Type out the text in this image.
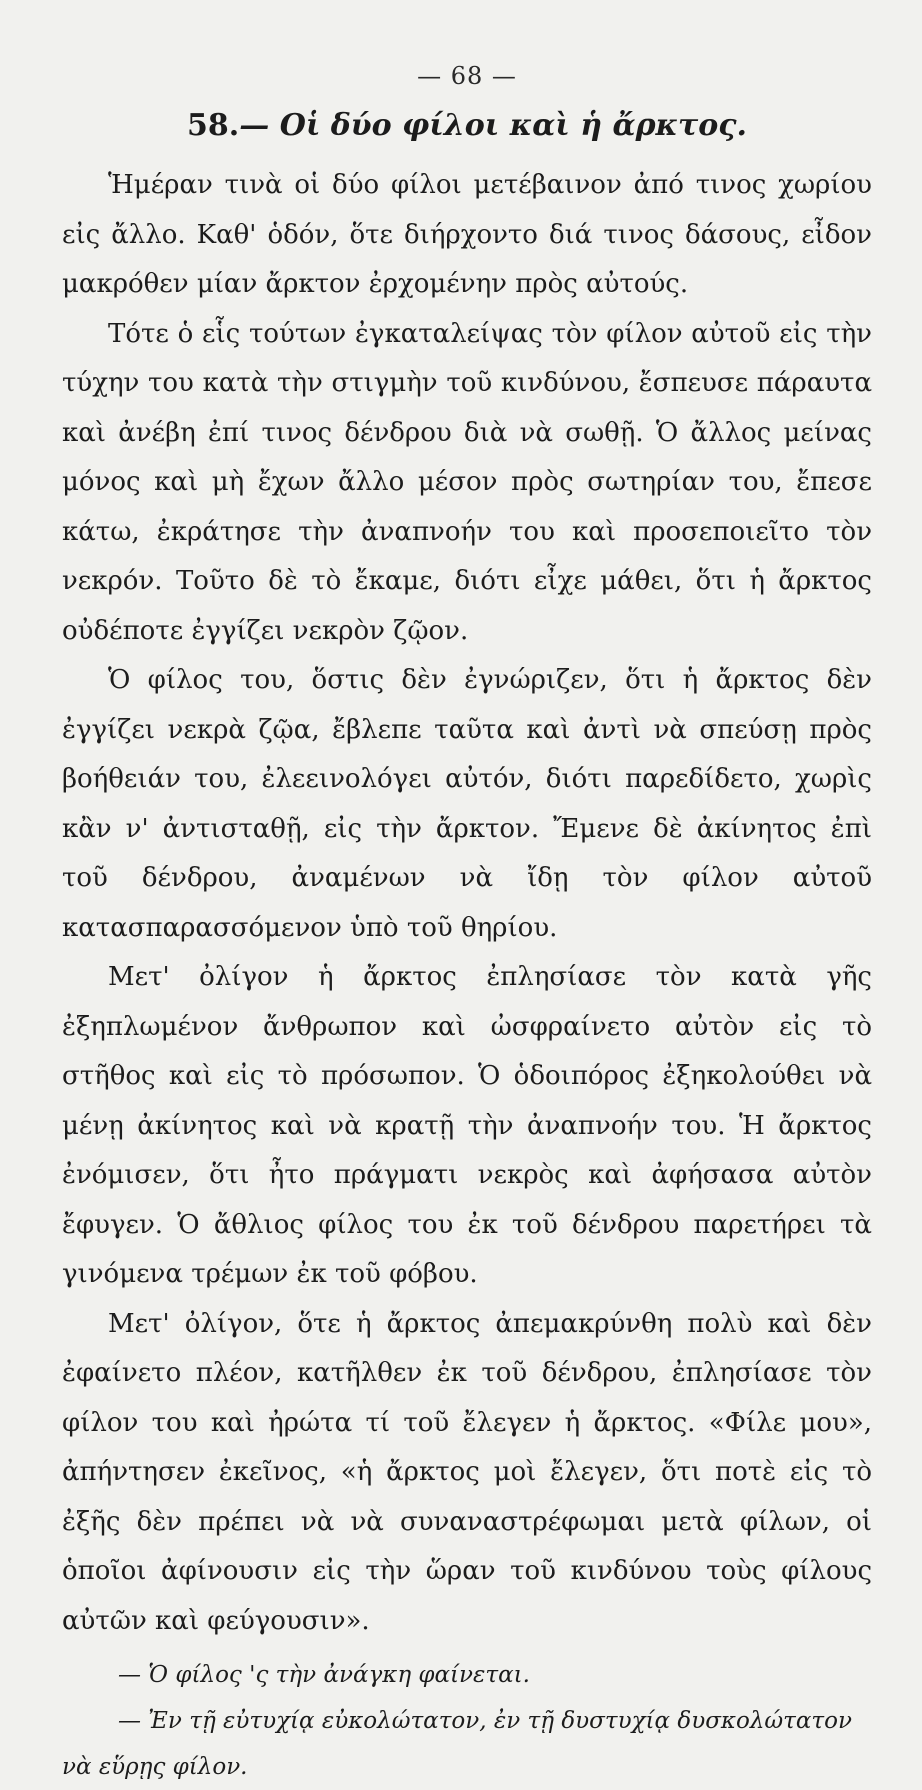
— 68 —
58.— Οἱ δύο φίλοι καὶ ἡ ἄρκτος.

Ἡμέραν τινὰ οἱ δύο φίλοι μετέβαινον ἀπό τινος χωρίου εἰς ἄλλο. Καθ' ὁδόν, ὅτε διήρχοντο διά τινος δάσους, εἶδον μακρόθεν μίαν ἄρκτον ἐρχομένην πρὸς αὐτούς.

Τότε ὁ εἷς τούτων ἐγκαταλείψας τὸν φίλον αὐτοῦ εἰς τὴν τύχην του κατὰ τὴν στιγμὴν τοῦ κινδύνου, ἔσπευσε πάραυτα καὶ ἀνέβη ἐπί τινος δένδρου διὰ νὰ σωθῇ. Ὁ ἄλλος μείνας μόνος καὶ μὴ ἔχων ἄλλο μέσον πρὸς σωτηρίαν του, ἔπεσε κάτω, ἐκράτησε τὴν ἀναπνοήν του καὶ προσεποιεῖτο τὸν νεκρόν. Τοῦτο δὲ τὸ ἔκαμε, διότι εἶχε μάθει, ὅτι ἡ ἄρκτος οὐδέποτε ἐγγίζει νεκρὸν ζῷον.

Ὁ φίλος του, ὅστις δὲν ἐγνώριζεν, ὅτι ἡ ἄρκτος δὲν ἐγγίζει νεκρὰ ζῷα, ἔβλεπε ταῦτα καὶ ἀντὶ νὰ σπεύσῃ πρὸς βοήθειάν του, ἐλεεινολόγει αὐτόν, διότι παρεδίδετο, χωρὶς κἂν ν' ἀντισταθῇ, εἰς τὴν ἄρκτον. Ἔμενε δὲ ἀκίνητος ἐπὶ τοῦ δένδρου, ἀναμένων νὰ ἴδῃ τὸν φίλον αὐτοῦ κατασπαρασσόμενον ὑπὸ τοῦ θηρίου.

Μετ' ὀλίγον ἡ ἄρκτος ἐπλησίασε τὸν κατὰ γῆς ἐξηπλωμένον ἄνθρωπον καὶ ὠσφραίνετο αὐτὸν εἰς τὸ στῆθος καὶ εἰς τὸ πρόσωπον. Ὁ ὁδοιπόρος ἐξηκολούθει νὰ μένῃ ἀκίνητος καὶ νὰ κρατῇ τὴν ἀναπνοήν του. Ἡ ἄρκτος ἐνόμισεν, ὅτι ἦτο πράγματι νεκρὸς καὶ ἀφήσασα αὐτὸν ἔφυγεν. Ὁ ἄθλιος φίλος του ἐκ τοῦ δένδρου παρετήρει τὰ γινόμενα τρέμων ἐκ τοῦ φόβου.

Μετ' ὀλίγον, ὅτε ἡ ἄρκτος ἀπεμακρύνθη πολὺ καὶ δὲν ἐφαίνετο πλέον, κατῆλθεν ἐκ τοῦ δένδρου, ἐπλησίασε τὸν φίλον του καὶ ἠρώτα τί τοῦ ἔλεγεν ἡ ἄρκτος. «Φίλε μου», ἀπήντησεν ἐκεῖνος, «ἡ ἄρκτος μοὶ ἔλεγεν, ὅτι ποτὲ εἰς τὸ ἐξῆς δὲν πρέπει νὰ νὰ συναναστρέφωμαι μετὰ φίλων, οἱ ὁποῖοι ἀφίνουσιν εἰς τὴν ὥραν τοῦ κινδύνου τοὺς φίλους αὐτῶν καὶ φεύγουσιν».

— Ὁ φίλος 'ς τὴν ἀνάγκη φαίνεται.

— Ἐν τῇ εὐτυχίᾳ εὐκολώτατον, ἐν τῇ δυστυχίᾳ δυσκολώτατον νὰ εὕρῃς φίλον.
